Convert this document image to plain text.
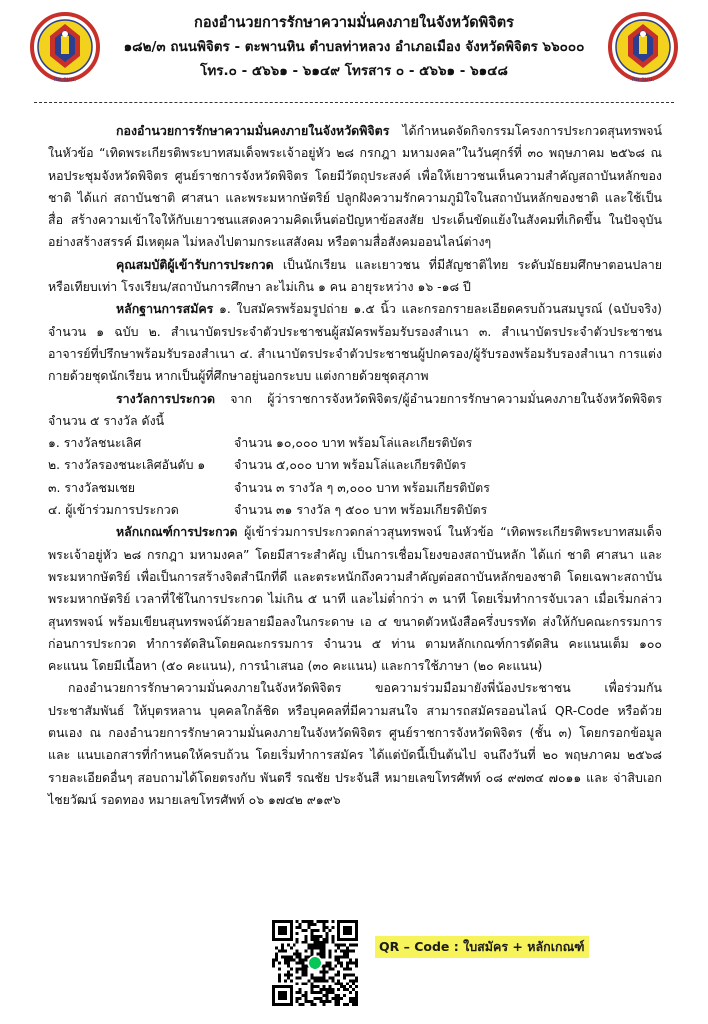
กอ.รมน.
กองอำนวยการรักษาความมั่นคงภายในจังหวัดพิจิตร
๑๘๒/๓ ถนนพิจิตร - ตะพานหิน ตำบลท่าหลวง อำเภอเมือง จังหวัดพิจิตร ๖๖๐๐๐
โทร.๐ - ๕๖๖๑ - ๖๑๔๙ โทรสาร ๐ - ๕๖๖๑ - ๖๑๔๘
กอ.รมน.

กองอำนวยการรักษาความมั่นคงภายในจังหวัดพิจิตร ได้กำหนดจัดกิจกรรมโครงการประกวดสุนทรพจน์ ในหัวข้อ “เทิดพระเกียรติพระบาทสมเด็จพระเจ้าอยู่หัว ๒๘ กรกฎา มหามงคล”ในวันศุกร์ที่ ๓๐ พฤษภาคม ๒๕๖๘ ณ หอประชุมจังหวัดพิจิตร ศูนย์ราชการจังหวัดพิจิตร โดยมีวัตถุประสงค์ เพื่อให้เยาวชนเห็นความสำคัญสถาบันหลักของชาติ ได้แก่ สถาบันชาติ ศาสนา และพระมหากษัตริย์ ปลูกฝังความรักความภูมิใจในสถาบันหลักของชาติ และใช้เป็นสื่อ สร้างความเข้าใจให้กับเยาวชนแสดงความคิดเห็นต่อปัญหาข้อสงสัย ประเด็นขัดแย้งในสังคมที่เกิดขึ้น ในปัจจุบันอย่างสร้างสรรค์ มีเหตุผล ไม่หลงไปตามกระแสสังคม หรือตามสื่อสังคมออนไลน์ต่างๆ

คุณสมบัติผู้เข้ารับการประกวด เป็นนักเรียน และเยาวชน ที่มีสัญชาติไทย ระดับมัธยมศึกษาตอนปลายหรือเทียบเท่า โรงเรียน/สถาบันการศึกษา ละไม่เกิน ๑ คน อายุระหว่าง ๑๖ -๑๘ ปี

หลักฐานการสมัคร ๑. ใบสมัครพร้อมรูปถ่าย ๑.๕ นิ้ว และกรอกรายละเอียดครบถ้วนสมบูรณ์ (ฉบับจริง) จำนวน ๑ ฉบับ ๒. สำเนาบัตรประจำตัวประชาชนผู้สมัครพร้อมรับรองสำเนา ๓. สำเนาบัตรประจำตัวประชาชนอาจารย์ที่ปรึกษาพร้อมรับรองสำเนา ๔. สำเนาบัตรประจำตัวประชาชนผู้ปกครอง/ผู้รับรองพร้อมรับรองสำเนา การแต่งกายด้วยชุดนักเรียน หากเป็นผู้ที่ศึกษาอยู่นอกระบบ แต่งกายด้วยชุดสุภาพ

รางวัลการประกวด จาก ผู้ว่าราชการจังหวัดพิจิตร/ผู้อำนวยการรักษาความมั่นคงภายในจังหวัดพิจิตร จำนวน ๕ รางวัล ดังนี้

๑. รางวัลชนะเลิศ	จำนวน ๑๐,๐๐๐ บาท พร้อมโล่และเกียรติบัตร
๒. รางวัลรองชนะเลิศอันดับ ๑	จำนวน ๕,๐๐๐ บาท พร้อมโล่และเกียรติบัตร
๓. รางวัลชมเชย	จำนวน ๓ รางวัล ๆ ๓,๐๐๐ บาท พร้อมเกียรติบัตร
๔. ผู้เข้าร่วมการประกวด	จำนวน ๓๑ รางวัล ๆ ๕๐๐ บาท พร้อมเกียรติบัตร

หลักเกณฑ์การประกวด ผู้เข้าร่วมการประกวดกล่าวสุนทรพจน์ ในหัวข้อ “เทิดพระเกียรติพระบาทสมเด็จพระเจ้าอยู่หัว ๒๘ กรกฎา มหามงคล” โดยมีสาระสำคัญ เป็นการเชื่อมโยงของสถาบันหลัก ได้แก่ ชาติ ศาสนา และพระมหากษัตริย์ เพื่อเป็นการสร้างจิตสำนึกที่ดี และตระหนักถึงความสำคัญต่อสถาบันหลักของชาติ โดยเฉพาะสถาบันพระมหากษัตริย์ เวลาที่ใช้ในการประกวด ไม่เกิน ๕ นาที และไม่ต่ำกว่า ๓ นาที โดยเริ่มทำการจับเวลา เมื่อเริ่มกล่าวสุนทรพจน์ พร้อมเขียนสุนทรพจน์ด้วยลายมือลงในกระดาษ เอ ๔ ขนาดตัวหนังสือครึ่งบรรทัด ส่งให้กับคณะกรรมการก่อนการประกวด ทำการตัดสินโดยคณะกรรมการ จำนวน ๕ ท่าน ตามหลักเกณฑ์การตัดสิน คะแนนเต็ม ๑๐๐ คะแนน โดยมีเนื้อหา (๕๐ คะแนน), การนำเสนอ (๓๐ คะแนน) และการใช้ภาษา (๒๐ คะแนน)

กองอำนวยการรักษาความมั่นคงภายในจังหวัดพิจิตร ขอความร่วมมือมายังพี่น้องประชาชน เพื่อร่วมกันประชาสัมพันธ์ ให้บุตรหลาน บุคคลใกล้ชิด หรือบุคคลที่มีความสนใจ สามารถสมัครออนไลน์ QR-Code หรือด้วยตนเอง ณ กองอำนวยการรักษาความมั่นคงภายในจังหวัดพิจิตร ศูนย์ราชการจังหวัดพิจิตร (ชั้น ๓) โดยกรอกข้อมูลและ แนบเอกสารที่กำหนดให้ครบถ้วน โดยเริ่มทำการสมัคร ได้แต่บัดนี้เป็นต้นไป จนถึงวันที่ ๒๐ พฤษภาคม ๒๕๖๘ รายละเอียดอื่นๆ สอบถามได้โดยตรงกับ พันตรี รณชัย ประจันสี หมายเลขโทรศัพท์ ๐๘ ๙๗๓๔ ๗๐๑๑ และ จ่าสิบเอก ไชยวัฒน์ รอดทอง หมายเลขโทรศัพท์ ๐๖ ๑๗๔๒ ๙๑๙๖

QR – Code : ใบสมัคร + หลักเกณฑ์
